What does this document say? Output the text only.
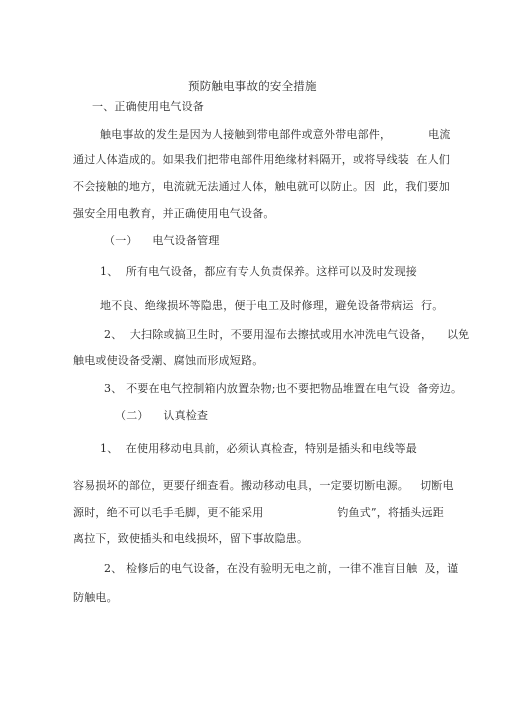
预防触电事故的安全措施
一、正确使用电气设备
触电事故的发生是因为人接触到带电部件或意外带电部件，          电流
通过人体造成的。如果我们把带电部件用绝缘材料隔开，或将导线装  在人们
不会接触的地方，电流就无法通过人体，触电就可以防止。因  此，我们要加
强安全用电教育，并正确使用电气设备。
（一）    电气设备管理
1、  所有电气设备，都应有专人负责保养。这样可以及时发现接
地不良、绝缘损坏等隐患，便于电工及时修理，避免设备带病运  行。
2、  大扫除或搞卫生时，不要用湿布去擦拭或用水冲洗电气设备，    以免
触电或使设备受潮、腐蚀而形成短路。
3、 不要在电气控制箱内放置杂物;也不要把物品堆置在电气设  备旁边。
（二）    认真检查
1、  在使用移动电具前，必须认真检查，特别是插头和电线等最
容易损坏的部位，更要仔细查看。搬动移动电具，一定要切断电源。   切断电
源时，绝不可以毛手毛脚，更不能采用                    钓鱼式”，将插头远距
离拉下，致使插头和电线损坏，留下事故隐患。
2、 检修后的电气设备，在没有验明无电之前，一律不准盲目触  及，谨
防触电。
